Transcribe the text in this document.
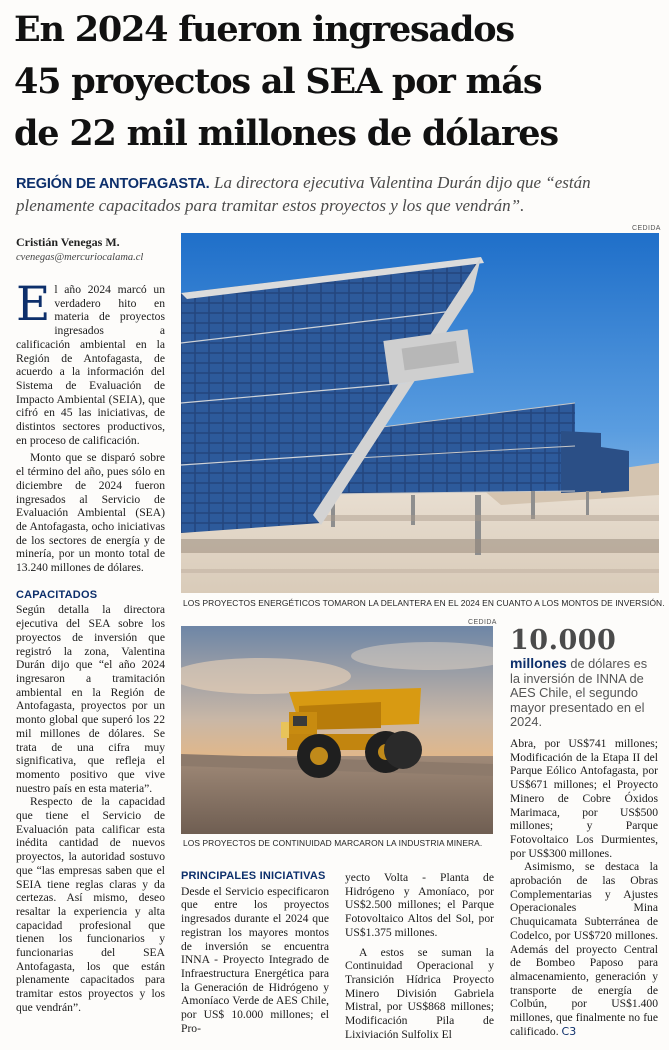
En 2024 fueron ingresados
45 proyectos al SEA por más
de 22 mil millones de dólares
REGIÓN DE ANTOFAGASTA. La directora ejecutiva Valentina Durán dijo que “están plenamente capacitados para tramitar estos proyectos y los que vendrán”.
Cristián Venegas M.
cvenegas@mercuriocalama.cl
CEDIDA
LOS PROYECTOS ENERGÉTICOS TOMARON LA DELANTERA EN EL 2024 EN CUANTO A LOS MONTOS DE INVERSIÓN.
CEDIDA
LOS PROYECTOS DE CONTINUIDAD MARCARON LA INDUSTRIA MINERA.
10.000
millones de dólares es la inversión de INNA de AES Chile, el segundo mayor presentado en el 2024.

El año 2024 marcó un verdadero hito en materia de proyectos ingresados a calificación ambiental en la Región de Antofagasta, de acuerdo a la información del Sistema de Evaluación de Impacto Ambiental (SEIA), que cifró en 45 las iniciativas, de distintos sectores productivos, en proceso de calificación.

Monto que se disparó sobre el término del año, pues sólo en diciembre de 2024 fueron ingresados al Servicio de Evaluación Ambiental (SEA) de Antofagasta, ocho iniciativas de los sectores de energía y de minería, por un monto total de 13.240 millones de dólares.

CAPACITADOS

Según detalla la directora ejecutiva del SEA sobre los proyectos de inversión que registró la zona, Valentina Durán dijo que “el año 2024 ingresaron a tramitación ambiental en la Región de Antofagasta, proyectos por un monto global que superó los 22 mil millones de dólares. Se trata de una cifra muy significativa, que refleja el momento positivo que vive nuestro país en esta materia”.

Respecto de la capacidad que tiene el Servicio de Evaluación pata calificar esta inédita cantidad de nuevos proyectos, la autoridad sostuvo que “las empresas saben que el SEIA tiene reglas claras y da certezas. Así mismo, deseo resaltar la experiencia y alta capacidad profesional que tienen los funcionarios y funcionarias del SEA Antofagasta, los que están plenamente capacitados para tramitar estos proyectos y los que vendrán”.

PRINCIPALES INICIATIVAS

Desde el Servicio especificaron que entre los proyectos ingresados durante el 2024 que registran los mayores montos de inversión se encuentra INNA - Proyecto Integrado de Infraestructura Energética para la Generación de Hidrógeno y Amoníaco Verde de AES Chile, por US$ 10.000 millones; el Pro-

yecto Volta - Planta de Hidrógeno y Amoníaco, por US$2.500 millones; el Parque Fotovoltaico Altos del Sol, por US$1.375 millones.

A estos se suman la Continuidad Operacional y Transición Hídrica Proyecto Minero División Gabriela Mistral, por US$868 millones; Modificación Pila de Lixiviación Sulfolix El

Abra, por US$741 millones; Modificación de la Etapa II del Parque Eólico Antofagasta, por US$671 millones; el Proyecto Minero de Cobre Óxidos Marimaca, por US$500 millones; y Parque Fotovoltaico Los Durmientes, por US$300 millones.

Asimismo, se destaca la aprobación de las Obras Complementarias y Ajustes Operacionales Mina Chuquicamata Subterránea de Codelco, por US$720 millones. Además del proyecto Central de Bombeo Paposo para almacenamiento, generación y transporte de energía de Colbún, por US$1.400 millones, que finalmente no fue calificado. C3
